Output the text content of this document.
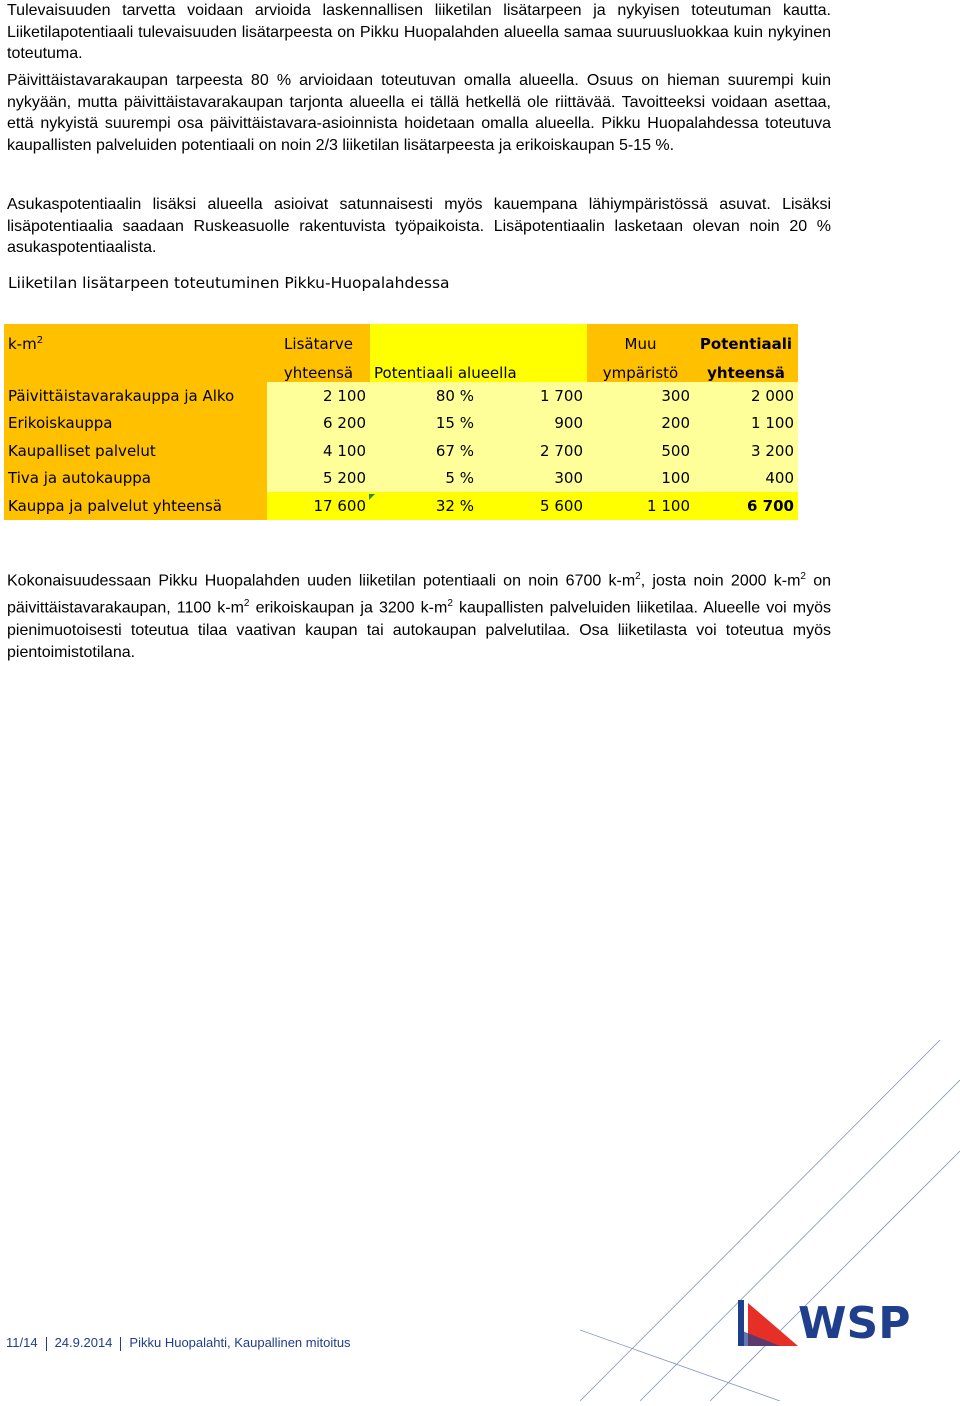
Tulevaisuuden tarvetta voidaan arvioida laskennallisen liiketilan lisätarpeen ja nykyisen toteutuman kautta. Liiketilapotentiaali tulevaisuuden lisätarpeesta on Pikku Huopalahden alueella samaa suuruusluokkaa kuin nykyinen toteutuma.

Päivittäistavarakaupan tarpeesta 80 % arvioidaan toteutuvan omalla alueella. Osuus on hieman suurempi kuin nykyään, mutta päivittäistavarakaupan tarjonta alueella ei tällä hetkellä ole riittävää. Tavoitteeksi voidaan asettaa, että nykyistä suurempi osa päivittäistavara-asioinnista hoidetaan omalla alueella. Pikku Huopalahdessa toteutuva kaupallisten palveluiden potentiaali on noin 2/3 liiketilan lisätarpeesta ja erikoiskaupan 5-15 %.

Asukaspotentiaalin lisäksi alueella asioivat satunnaisesti myös kauempana lähiympäristössä asuvat. Lisäksi lisäpotentiaalia saadaan Ruskeasuolle rakentuvista työpaikoista. Lisäpotentiaalin lasketaan olevan noin 20 % asukaspotentiaalista.

Liiketilan lisätarpeen toteutuminen Pikku-Huopalahdessa
$k-m^2$	Lisätarve			Muu	Potentiaali
	yhteensä	Potentiaali alueella		ympäristö	yhteensä
Päivittäistavarakauppa ja Alko	2 100	80 %	1 700	300	2 000
Erikoiskauppa	6 200	15 %	900	200	1 100
Kaupalliset palvelut	4 100	67 %	2 700	500	3 200
Tiva ja autokauppa	5 200	5 %	300	100	400
Kauppa ja palvelut yhteensä	17 600	32 %	5 600	1 100	6 700

Kokonaisuudessaan Pikku Huopalahden uuden liiketilan potentiaali on noin 6700 $k-m^2$, josta noin 2000 $k-m^2$ on päivittäistavarakaupan, 1100 $k-m^2$ erikoiskaupan ja 3200 $k-m^2$ kaupallisten palveluiden liiketilaa. Alueelle voi myös pienimuotoisesti toteutua tilaa vaativan kaupan tai autokaupan palvelutilaa. Osa liiketilasta voi toteutua myös pientoimistotilana.

11/14 24.9.2014 Pikku Huopalahti, Kaupallinen mitoitus	WSP
